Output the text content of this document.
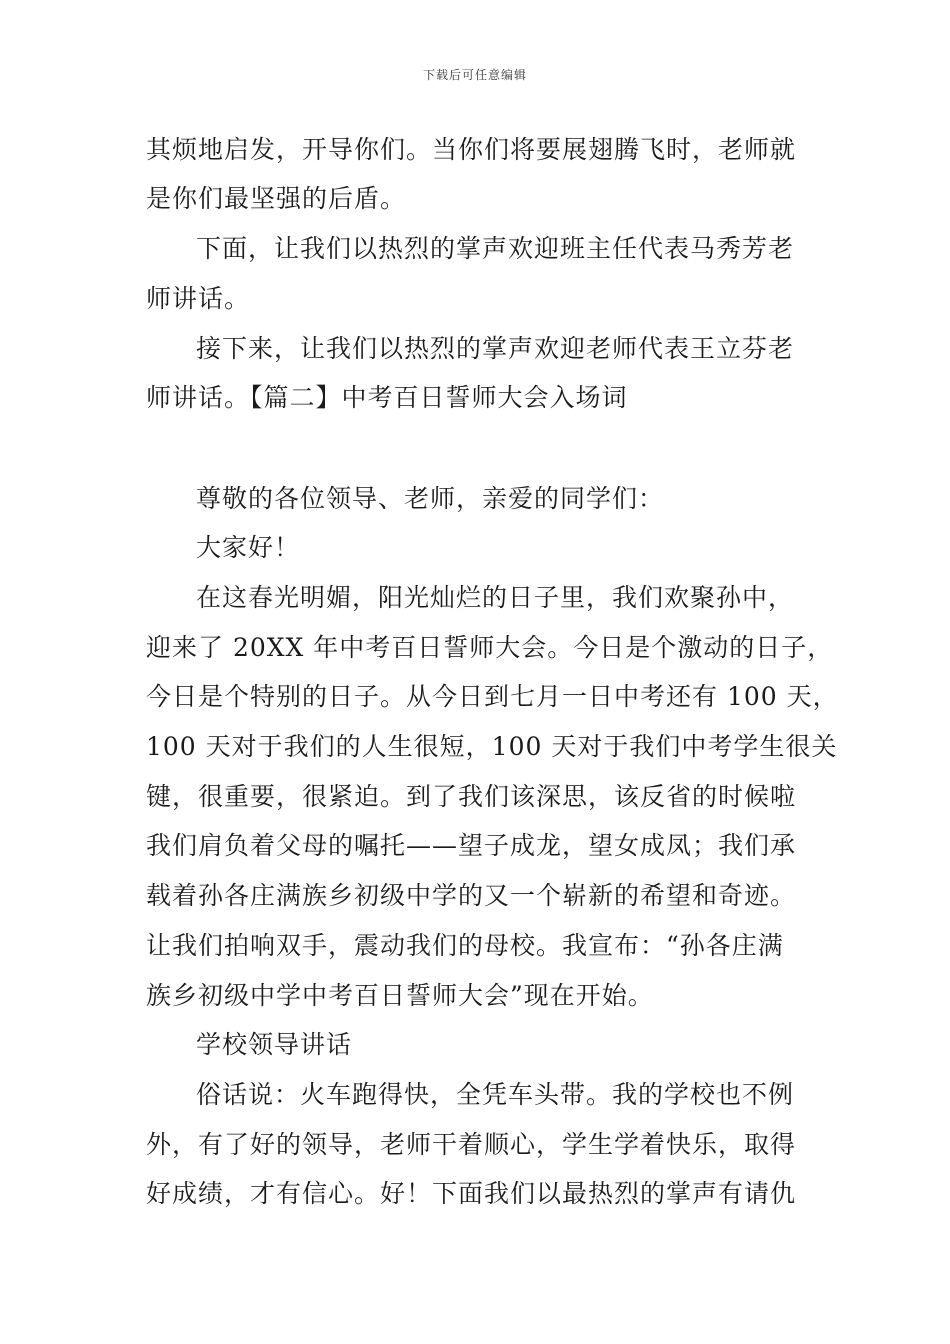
下载后可任意编辑
其烦地启发，开导你们。当你们将要展翅腾飞时，老师就
是你们最坚强的后盾。
下面，让我们以热烈的掌声欢迎班主任代表马秀芳老
师讲话。
接下来，让我们以热烈的掌声欢迎老师代表王立芬老
师讲话。【篇二】中考百日誓师大会入场词
尊敬的各位领导、老师，亲爱的同学们：
大家好！
在这春光明媚，阳光灿烂的日子里，我们欢聚孙中，
迎来了 20XX 年中考百日誓师大会。今日是个激动的日子，
今日是个特别的日子。从今日到七月一日中考还有 100 天，
100 天对于我们的人生很短，100 天对于我们中考学生很关
键，很重要，很紧迫。到了我们该深思，该反省的时候啦
我们肩负着父母的嘱托——望子成龙，望女成凤；我们承
载着孙各庄满族乡初级中学的又一个崭新的希望和奇迹。
让我们拍响双手，震动我们的母校。我宣布：“孙各庄满
族乡初级中学中考百日誓师大会”现在开始。
学校领导讲话
俗话说：火车跑得快，全凭车头带。我的学校也不例
外，有了好的领导，老师干着顺心，学生学着快乐，取得
好成绩，才有信心。好！下面我们以最热烈的掌声有请仇
